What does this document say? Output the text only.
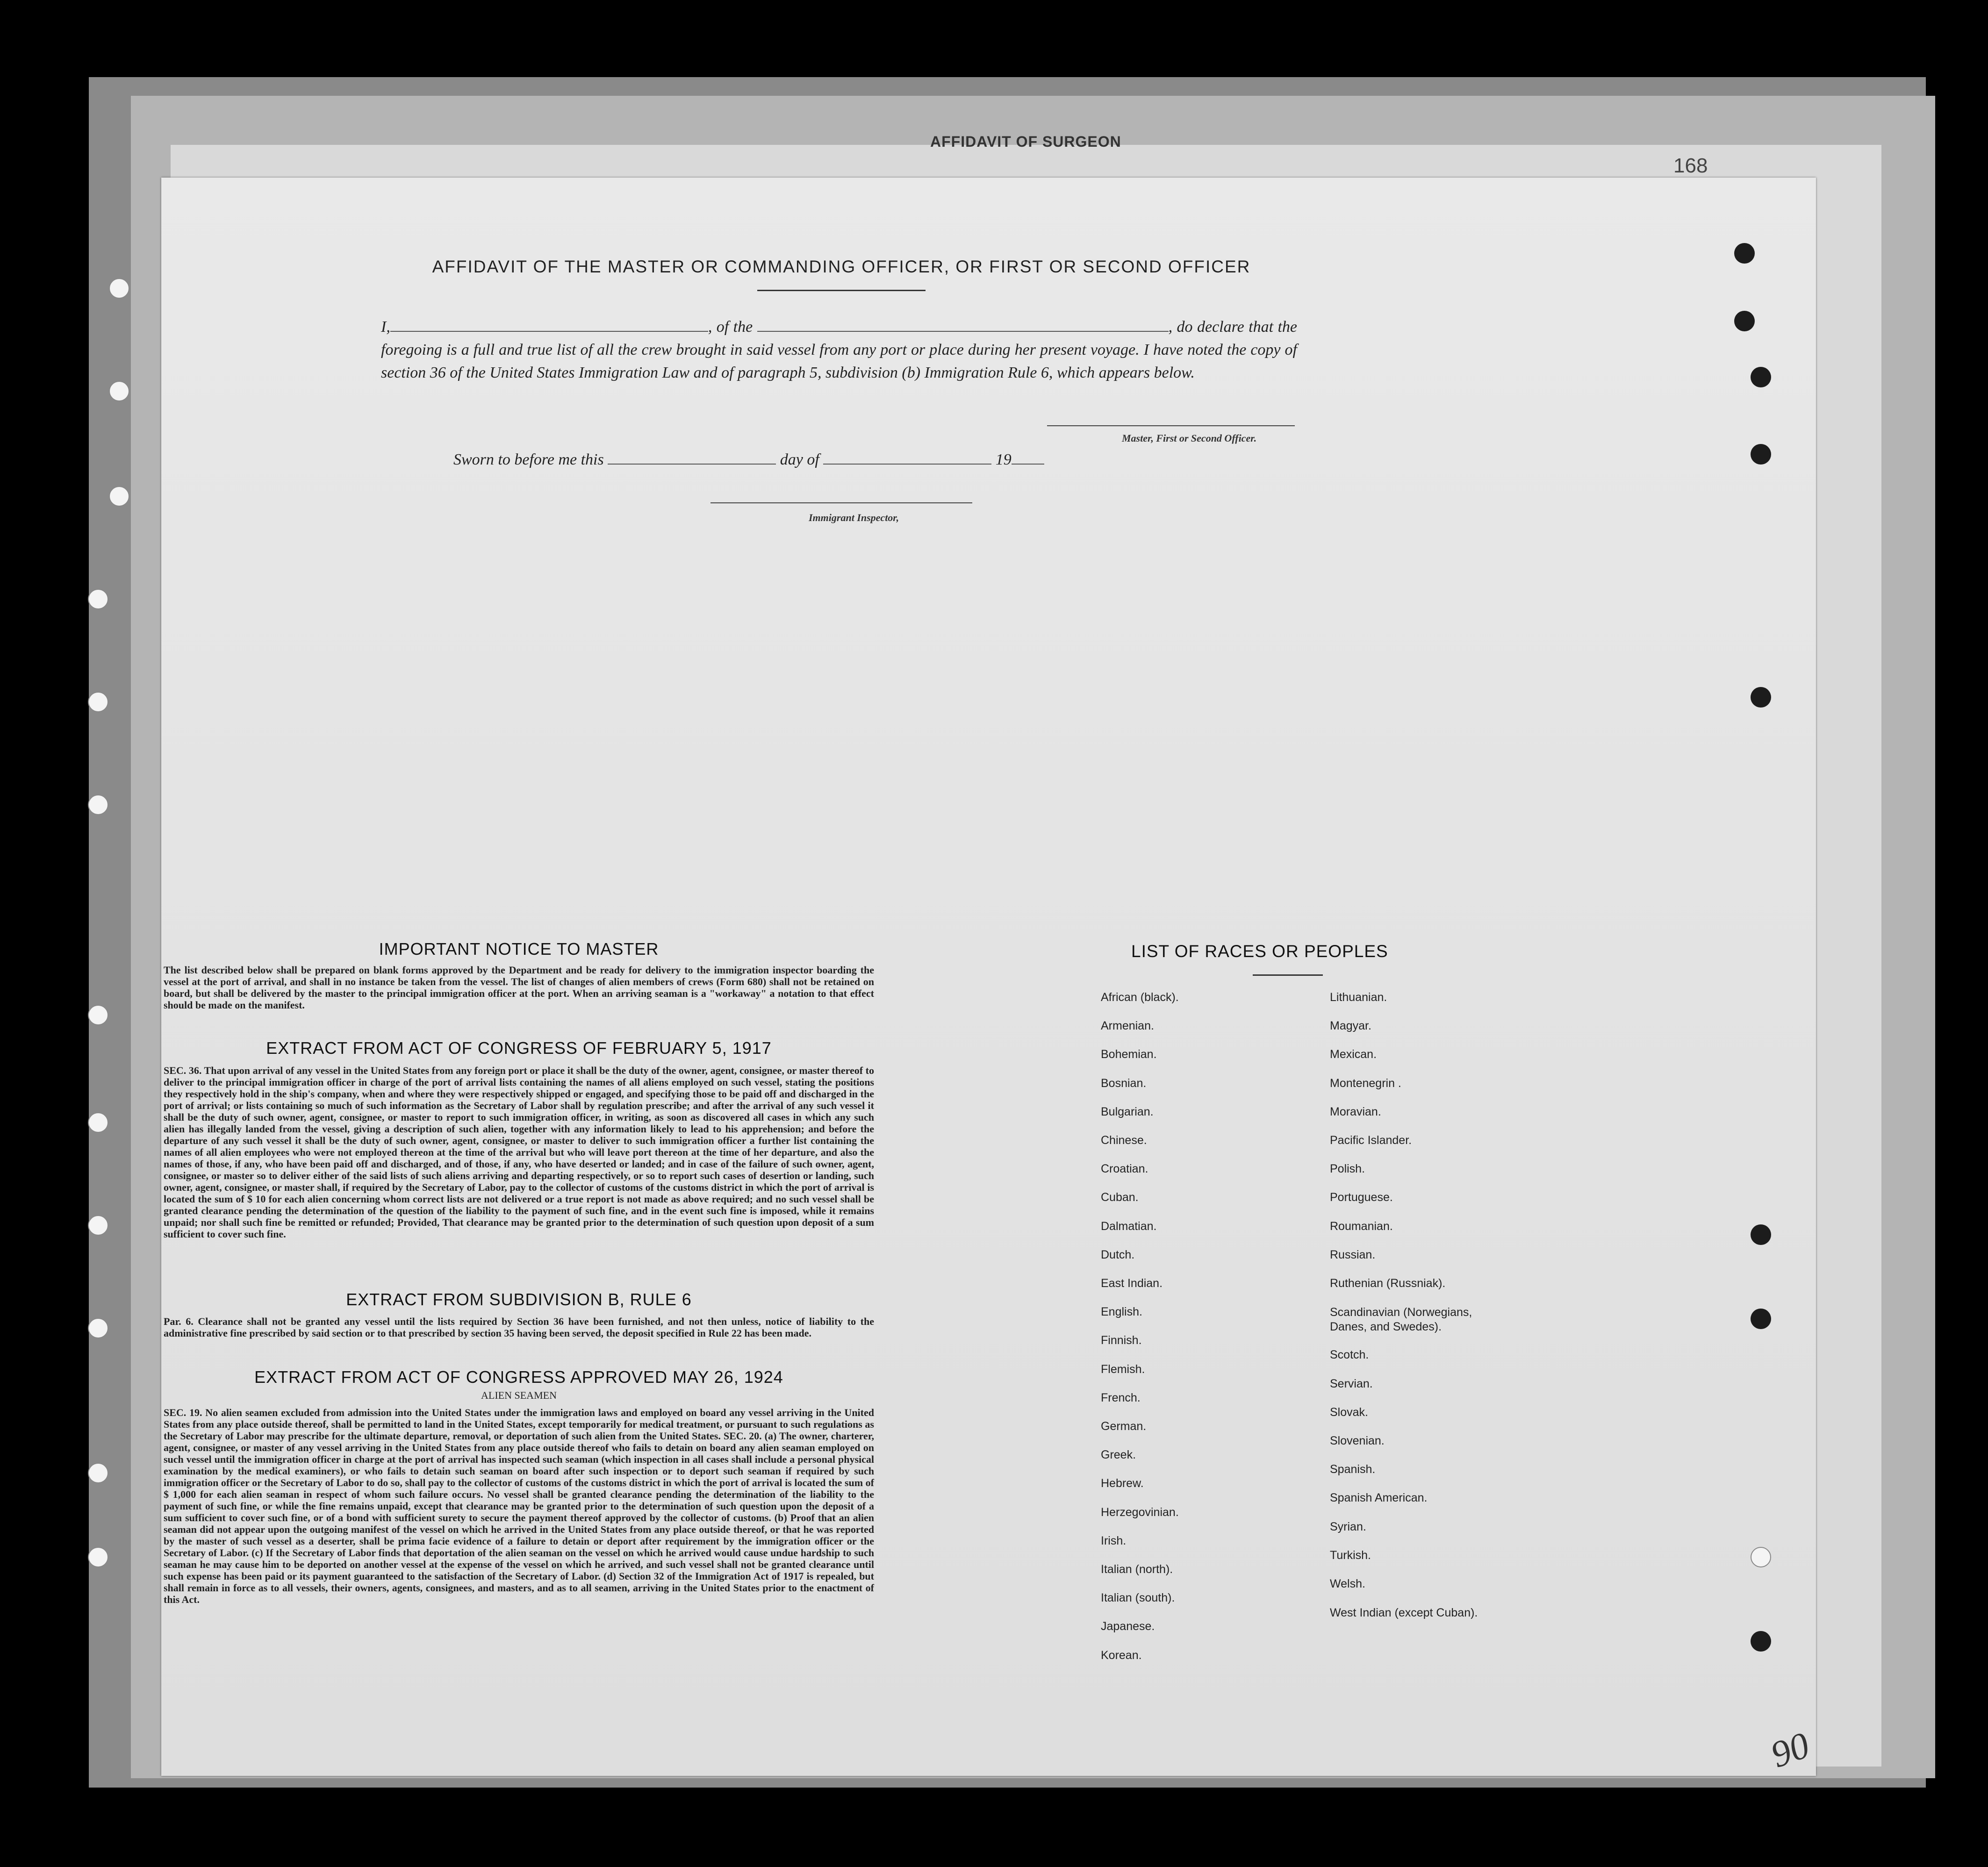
AFFIDAVIT OF SURGEON
168
AFFIDAVIT OF THE MASTER OR COMMANDING OFFICER, OR FIRST OR SECOND OFFICER
I,	, of the	, do declare that the foregoing is a full and true list of all the crew brought in said vessel from any port or place during her present voyage. I have noted the copy of section 36 of the United States Immigration Law and of paragraph 5, subdivision (b) Immigration Rule 6, which appears below.
Master, First or Second Officer.
Sworn to before me this	day of	19
Immigrant Inspector,
IMPORTANT NOTICE TO MASTER
The list described below shall be prepared on blank forms approved by the Department and be ready for delivery to the immigration inspector boarding the vessel at the port of arrival, and shall in no instance be taken from the vessel. The list of changes of alien members of crews (Form 680) shall not be retained on board, but shall be delivered by the master to the principal immigration officer at the port. When an arriving seaman is a "workaway" a notation to that effect should be made on the manifest.
EXTRACT FROM ACT OF CONGRESS OF FEBRUARY 5, 1917
SEC. 36. That upon arrival of any vessel in the United States from any foreign port or place it shall be the duty of the owner, agent, consignee, or master thereof to deliver to the principal immigration officer in charge of the port of arrival lists containing the names of all aliens employed on such vessel, stating the positions they respectively hold in the ship's company, when and where they were respectively shipped or engaged, and specifying those to be paid off and discharged in the port of arrival; or lists containing so much of such information as the Secretary of Labor shall by regulation prescribe; and after the arrival of any such vessel it shall be the duty of such owner, agent, consignee, or master to report to such immigration officer, in writing, as soon as discovered all cases in which any such alien has illegally landed from the vessel, giving a description of such alien, together with any information likely to lead to his apprehension; and before the departure of any such vessel it shall be the duty of such owner, agent, consignee, or master to deliver to such immigration officer a further list containing the names of all alien employees who were not employed thereon at the time of the arrival but who will leave port thereon at the time of her departure, and also the names of those, if any, who have been paid off and discharged, and of those, if any, who have deserted or landed; and in case of the failure of such owner, agent, consignee, or master so to deliver either of the said lists of such aliens arriving and departing respectively, or so to report such cases of desertion or landing, such owner, agent, consignee, or master shall, if required by the Secretary of Labor, pay to the collector of customs of the customs district in which the port of arrival is located the sum of $ 10 for each alien concerning whom correct lists are not delivered or a true report is not made as above required; and no such vessel shall be granted clearance pending the determination of the question of the liability to the payment of such fine, and in the event such fine is imposed, while it remains unpaid; nor shall such fine be remitted or refunded; Provided, That clearance may be granted prior to the determination of such question upon deposit of a sum sufficient to cover such fine.
EXTRACT FROM SUBDIVISION B, RULE 6
Par. 6. Clearance shall not be granted any vessel until the lists required by Section 36 have been furnished, and not then unless, notice of liability to the administrative fine prescribed by said section or to that prescribed by section 35 having been served, the deposit specified in Rule 22 has been made.
EXTRACT FROM ACT OF CONGRESS APPROVED MAY 26, 1924
ALIEN SEAMEN
SEC. 19. No alien seamen excluded from admission into the United States under the immigration laws and employed on board any vessel arriving in the United States from any place outside thereof, shall be permitted to land in the United States, except temporarily for medical treatment, or pursuant to such regulations as the Secretary of Labor may prescribe for the ultimate departure, removal, or deportation of such alien from the United States. SEC. 20. (a) The owner, charterer, agent, consignee, or master of any vessel arriving in the United States from any place outside thereof who fails to detain on board any alien seaman employed on such vessel until the immigration officer in charge at the port of arrival has inspected such seaman (which inspection in all cases shall include a personal physical examination by the medical examiners), or who fails to detain such seaman on board after such inspection or to deport such seaman if required by such immigration officer or the Secretary of Labor to do so, shall pay to the collector of customs of the customs district in which the port of arrival is located the sum of $ 1,000 for each alien seaman in respect of whom such failure occurs. No vessel shall be granted clearance pending the determination of the liability to the payment of such fine, or while the fine remains unpaid, except that clearance may be granted prior to the determination of such question upon the deposit of a sum sufficient to cover such fine, or of a bond with sufficient surety to secure the payment thereof approved by the collector of customs. (b) Proof that an alien seaman did not appear upon the outgoing manifest of the vessel on which he arrived in the United States from any place outside thereof, or that he was reported by the master of such vessel as a deserter, shall be prima facie evidence of a failure to detain or deport after requirement by the immigration officer or the Secretary of Labor. (c) If the Secretary of Labor finds that deportation of the alien seaman on the vessel on which he arrived would cause undue hardship to such seaman he may cause him to be deported on another vessel at the expense of the vessel on which he arrived, and such vessel shall not be granted clearance until such expense has been paid or its payment guaranteed to the satisfaction of the Secretary of Labor. (d) Section 32 of the Immigration Act of 1917 is repealed, but shall remain in force as to all vessels, their owners, agents, consignees, and masters, and as to all seamen, arriving in the United States prior to the enactment of this Act.
LIST OF RACES OR PEOPLES
African (black).
Armenian.
Bohemian.
Bosnian.
Bulgarian.
Chinese.
Croatian.
Cuban.
Dalmatian.
Dutch.
East Indian.
English.
Finnish.
Flemish.
French.
German.
Greek.
Hebrew.
Herzegovinian.
Irish.
Italian (north).
Italian (south).
Japanese.
Korean.
Lithuanian.
Magyar.
Mexican.
Montenegrin .
Moravian.
Pacific Islander.
Polish.
Portuguese.
Roumanian.
Russian.
Ruthenian (Russniak).
Scandinavian (Norwegians, Danes, and Swedes).
Scotch.
Servian.
Slovak.
Slovenian.
Spanish.
Spanish American.
Syrian.
Turkish.
Welsh.
West Indian (except Cuban).
90
